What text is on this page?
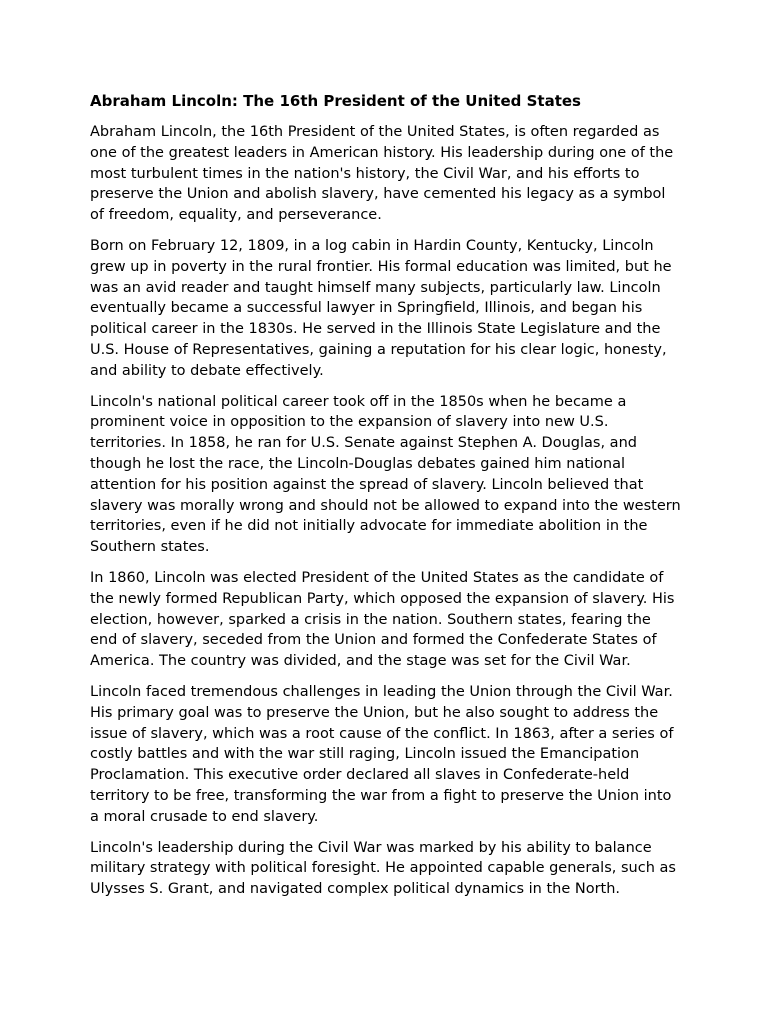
Abraham Lincoln: The 16th President of the United States

Abraham Lincoln, the 16th President of the United States, is often regarded as one of the greatest leaders in American history. His leadership during one of the most turbulent times in the nation's history, the Civil War, and his efforts to preserve the Union and abolish slavery, have cemented his legacy as a symbol of freedom, equality, and perseverance.

Born on February 12, 1809, in a log cabin in Hardin County, Kentucky, Lincoln grew up in poverty in the rural frontier. His formal education was limited, but he was an avid reader and taught himself many subjects, particularly law. Lincoln eventually became a successful lawyer in Springfield, Illinois, and began his political career in the 1830s. He served in the Illinois State Legislature and the U.S. House of Representatives, gaining a reputation for his clear logic, honesty, and ability to debate effectively.

Lincoln's national political career took off in the 1850s when he became a prominent voice in opposition to the expansion of slavery into new U.S. territories. In 1858, he ran for U.S. Senate against Stephen A. Douglas, and though he lost the race, the Lincoln-Douglas debates gained him national attention for his position against the spread of slavery. Lincoln believed that slavery was morally wrong and should not be allowed to expand into the western territories, even if he did not initially advocate for immediate abolition in the Southern states.

In 1860, Lincoln was elected President of the United States as the candidate of the newly formed Republican Party, which opposed the expansion of slavery. His election, however, sparked a crisis in the nation. Southern states, fearing the end of slavery, seceded from the Union and formed the Confederate States of America. The country was divided, and the stage was set for the Civil War.

Lincoln faced tremendous challenges in leading the Union through the Civil War. His primary goal was to preserve the Union, but he also sought to address the issue of slavery, which was a root cause of the conflict. In 1863, after a series of costly battles and with the war still raging, Lincoln issued the Emancipation Proclamation. This executive order declared all slaves in Confederate-held territory to be free, transforming the war from a fight to preserve the Union into a moral crusade to end slavery.

Lincoln's leadership during the Civil War was marked by his ability to balance military strategy with political foresight. He appointed capable generals, such as Ulysses S. Grant, and navigated complex political dynamics in the North.
